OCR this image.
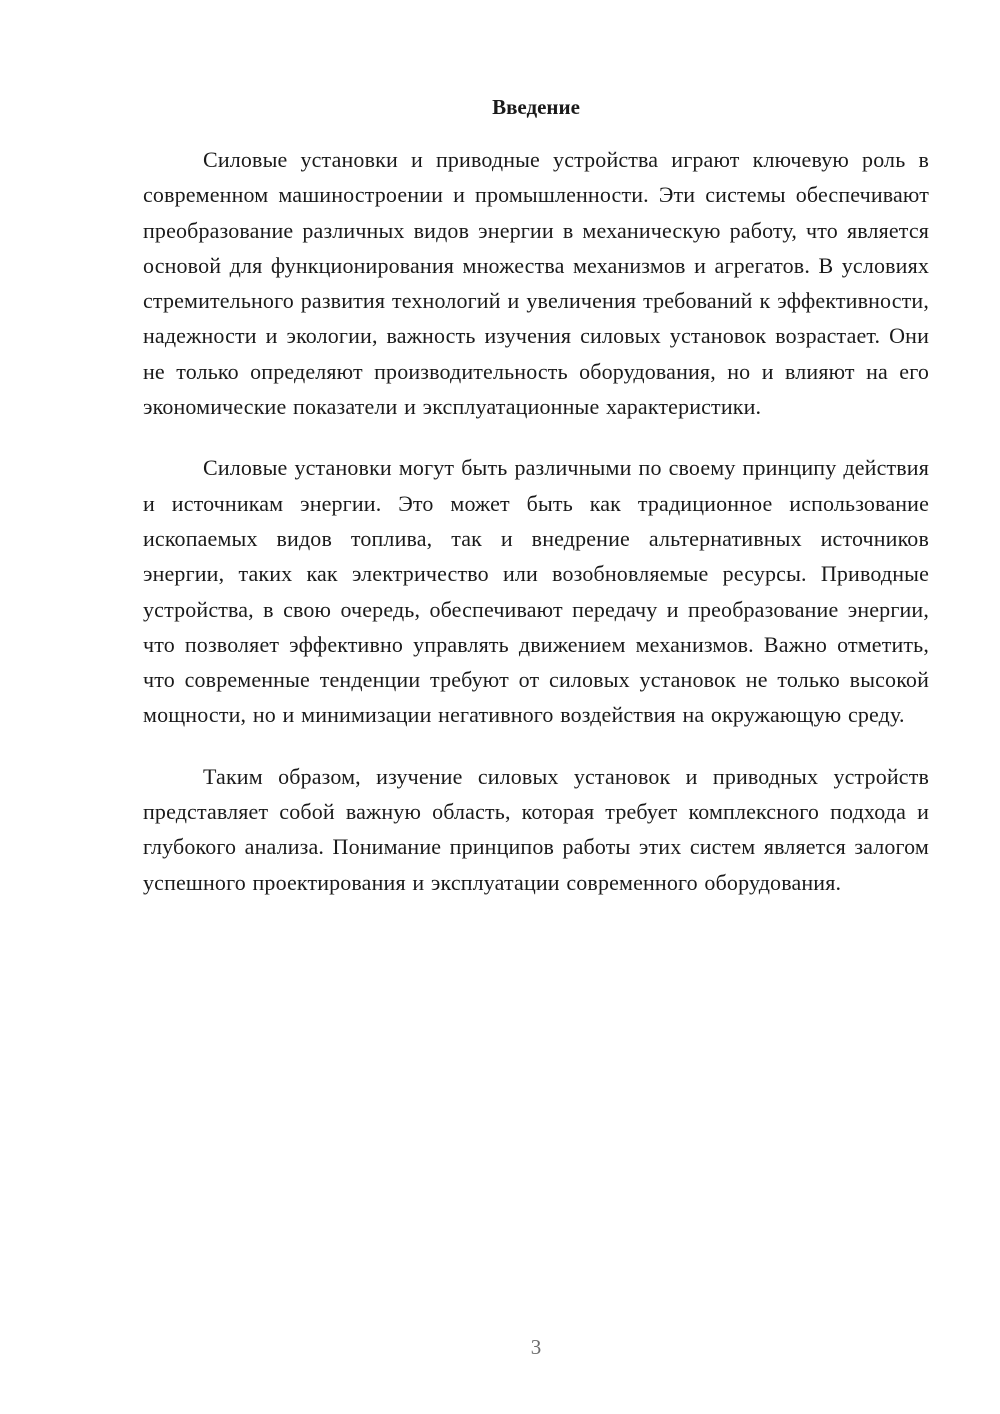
Введение

Силовые установки и приводные устройства играют ключевую роль в современном машиностроении и промышленности. Эти системы обеспечивают преобразование различных видов энергии в механическую работу, что является основой для функционирования множества механизмов и агрегатов. В условиях стремительного развития технологий и увеличения требований к эффективности, надежности и экологии, важность изучения силовых установок возрастает. Они не только определяют производительность оборудования, но и влияют на его экономические показатели и эксплуатационные характеристики.

Силовые установки могут быть различными по своему принципу действия и источникам энергии. Это может быть как традиционное использование ископаемых видов топлива, так и внедрение альтернативных источников энергии, таких как электричество или возобновляемые ресурсы. Приводные устройства, в свою очередь, обеспечивают передачу и преобразование энергии, что позволяет эффективно управлять движением механизмов. Важно отметить, что современные тенденции требуют от силовых установок не только высокой мощности, но и минимизации негативного воздействия на окружающую среду.

Таким образом, изучение силовых установок и приводных устройств представляет собой важную область, которая требует комплексного подхода и глубокого анализа. Понимание принципов работы этих систем является залогом успешного проектирования и эксплуатации современного оборудования.

3
